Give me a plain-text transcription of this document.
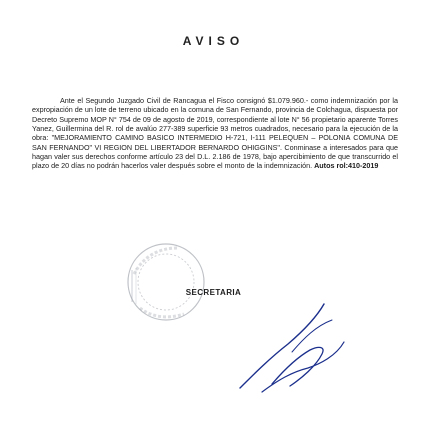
AVISO
Ante el Segundo Juzgado Civil de Rancagua el Fisco consignó $1.079.960.- como indemnización por la expropiación de un lote de terreno ubicado en la comuna de San Fernando, provincia de Colchagua, dispuesta por Decreto Supremo MOP N° 754 de 09 de agosto de 2019, correspondiente al lote N° 56 propietario aparente Torres Yanez, Guillermina del R. rol de avalúo 277-389 superficie 93 metros cuadrados, necesario para la ejecución de la obra: "MEJORAMIENTO CAMINO BASICO INTERMEDIO H-721, I-111 PELEQUEN – POLONIA COMUNA DE SAN FERNANDO" VI REGION DEL LIBERTADOR BERNARDO OHIGGINS". Conminase a interesados para que hagan valer sus derechos conforme artículo 23 del D.L. 2.186 de 1978, bajo apercibimiento de que transcurrido el plazo de 20 días no podrán hacerlos valer después sobre el monto de la indemnización. Autos rol:410-2019
SECRETARIA
